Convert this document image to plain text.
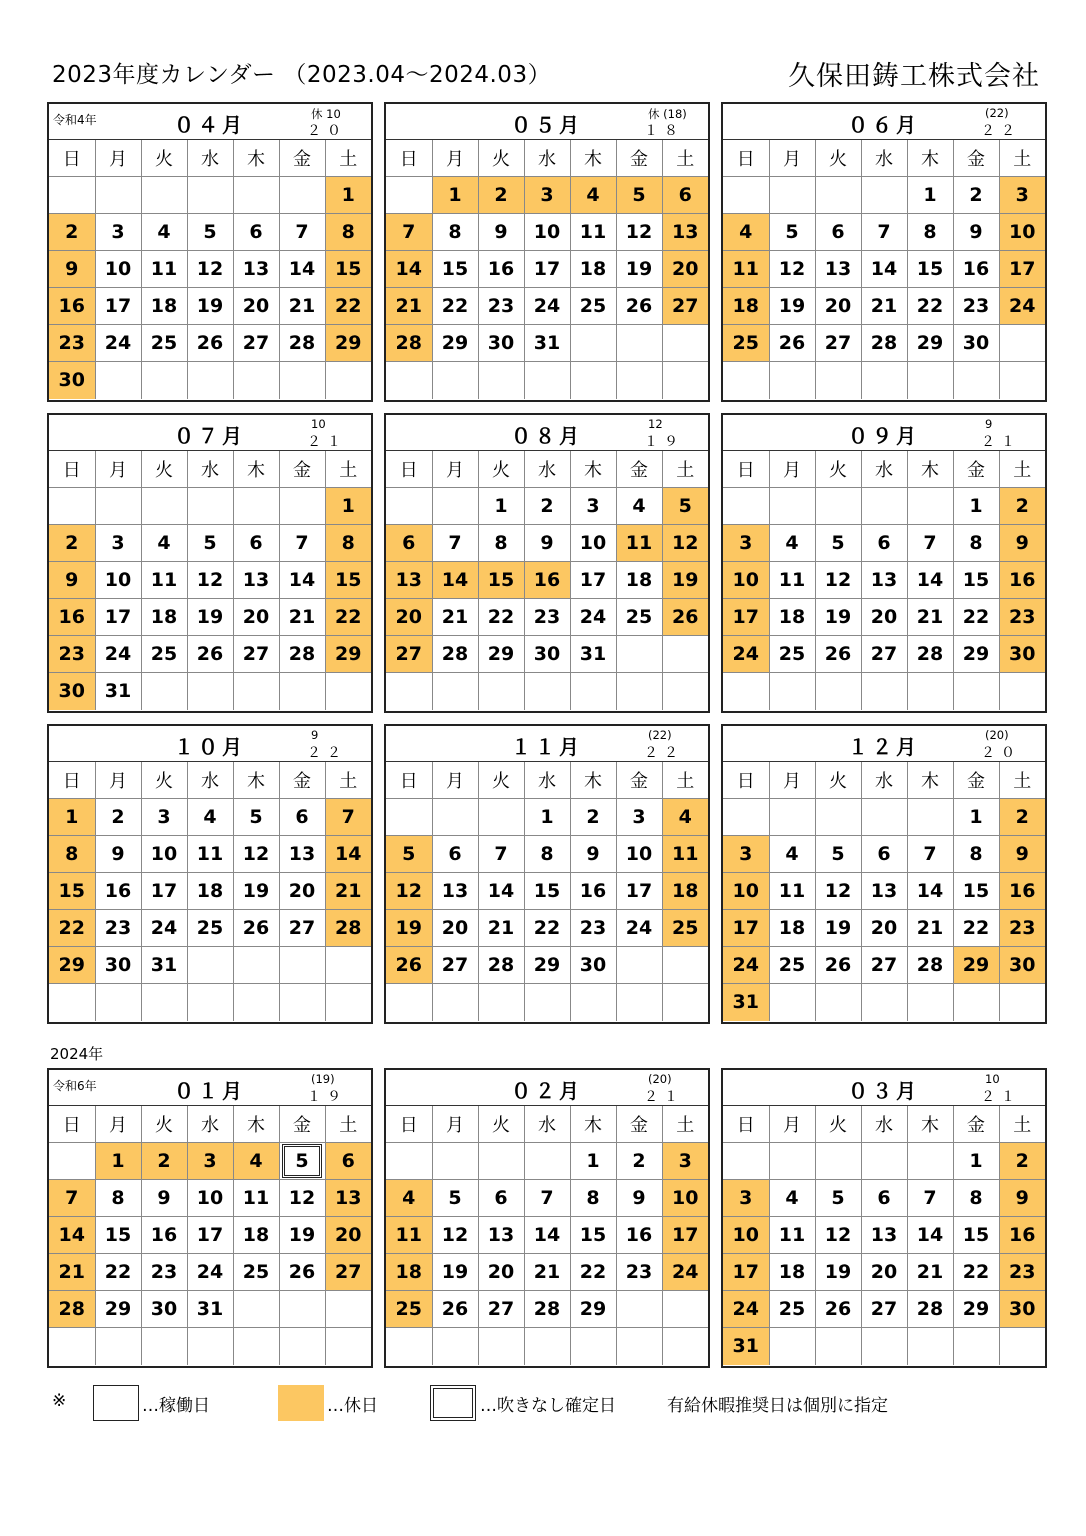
2023年度カレンダー （2023.04～2024.03）	久保田鋳工株式会社
2024年
令和4年	０４月	休 10
２０
日	月	火	水	木	金	土
						1
2	3	4	5	6	7	8
9	10	11	12	13	14	15
16	17	18	19	20	21	22
23	24	25	26	27	28	29
30						
０５月	休 (18)
１８
日	月	火	水	木	金	土
	1	2	3	4	5	6
7	8	9	10	11	12	13
14	15	16	17	18	19	20
21	22	23	24	25	26	27
28	29	30	31			

０６月	(22)
２２
日	月	火	水	木	金	土
				1	2	3
4	5	6	7	8	9	10
11	12	13	14	15	16	17
18	19	20	21	22	23	24
25	26	27	28	29	30	

０７月	10
２１
日	月	火	水	木	金	土
						1
2	3	4	5	6	7	8
9	10	11	12	13	14	15
16	17	18	19	20	21	22
23	24	25	26	27	28	29
30	31					
０８月	12
１９
日	月	火	水	木	金	土
		1	2	3	4	5
6	7	8	9	10	11	12
13	14	15	16	17	18	19
20	21	22	23	24	25	26
27	28	29	30	31		

０９月	9
２１
日	月	火	水	木	金	土
					1	2
3	4	5	6	7	8	9
10	11	12	13	14	15	16
17	18	19	20	21	22	23
24	25	26	27	28	29	30

１０月	9
２２
日	月	火	水	木	金	土
1	2	3	4	5	6	7
8	9	10	11	12	13	14
15	16	17	18	19	20	21
22	23	24	25	26	27	28
29	30	31				

１１月	(22)
２２
日	月	火	水	木	金	土
			1	2	3	4
5	6	7	8	9	10	11
12	13	14	15	16	17	18
19	20	21	22	23	24	25
26	27	28	29	30		

１２月	(20)
２０
日	月	火	水	木	金	土
					1	2
3	4	5	6	7	8	9
10	11	12	13	14	15	16
17	18	19	20	21	22	23
24	25	26	27	28	29	30
31						
令和6年	０１月	(19)
１９
日	月	火	水	木	金	土
	1	2	3	4	5	6
7	8	9	10	11	12	13
14	15	16	17	18	19	20
21	22	23	24	25	26	27
28	29	30	31			

０２月	(20)
２１
日	月	火	水	木	金	土
				1	2	3
4	5	6	7	8	9	10
11	12	13	14	15	16	17
18	19	20	21	22	23	24
25	26	27	28	29		

０３月	10
２１
日	月	火	水	木	金	土
					1	2
3	4	5	6	7	8	9
10	11	12	13	14	15	16
17	18	19	20	21	22	23
24	25	26	27	28	29	30
31						
※	…稼働日	…休日	…吹きなし確定日	有給休暇推奨日は個別に指定
